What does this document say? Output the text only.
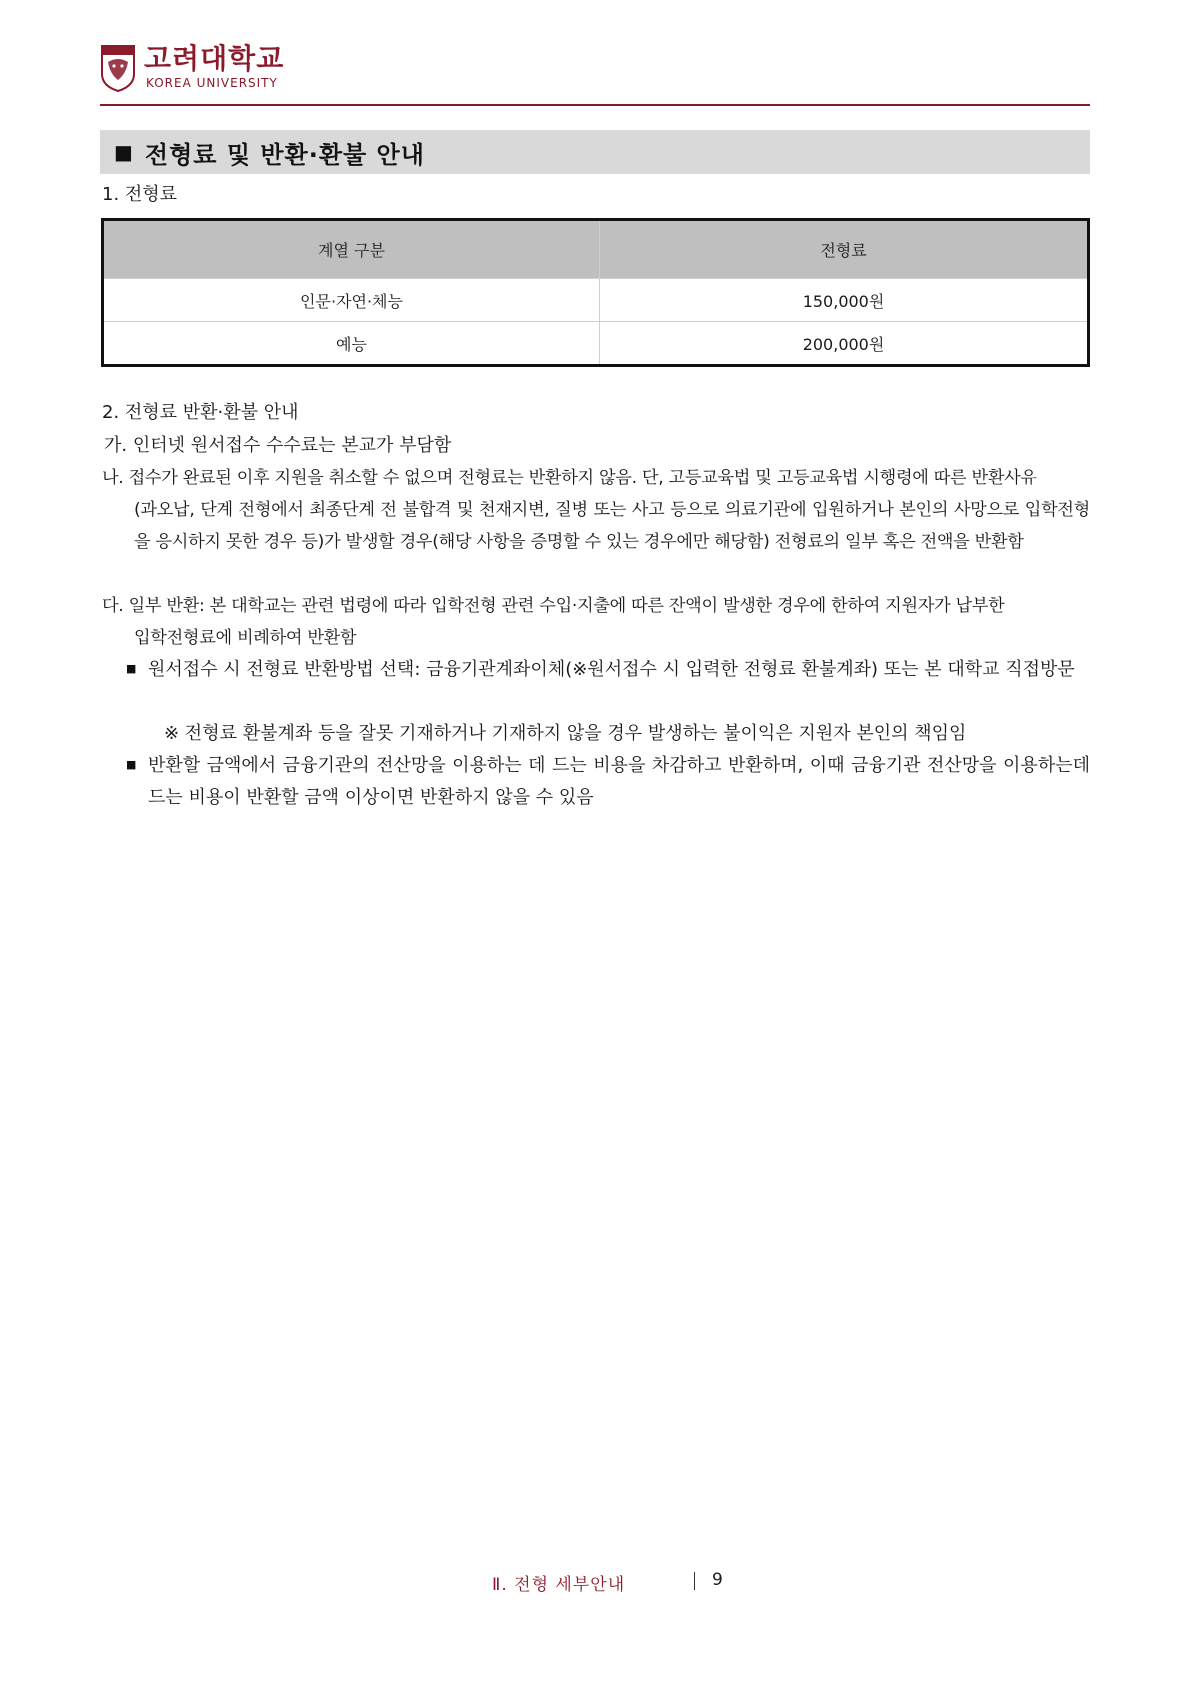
고려대학교
KOREA UNIVERSITY
■ 전형료 및 반환·환불 안내
1. 전형료
계열 구분	전형료
인문·자연·체능	150,000원
예능	200,000원
2. 전형료 반환·환불 안내
가. 인터넷 원서접수 수수료는 본교가 부담함
나. 접수가 완료된 이후 지원을 취소할 수 없으며 전형료는 반환하지 않음. 단, 고등교육법 및 고등교육법 시행령에 따른 반환사유
(과오납, 단계 전형에서 최종단계 전 불합격 및 천재지변, 질병 또는 사고 등으로 의료기관에 입원하거나 본인의 사망으로 입학전형을 응시하지 못한 경우 등)가 발생할 경우(해당 사항을 증명할 수 있는 경우에만 해당함) 전형료의 일부 혹은 전액을 반환함
다. 일부 반환: 본 대학교는 관련 법령에 따라 입학전형 관련 수입·지출에 따른 잔액이 발생한 경우에 한하여 지원자가 납부한
입학전형료에 비례하여 반환함
■ 원서접수 시 전형료 반환방법 선택: 금융기관계좌이체(※원서접수 시 입력한 전형료 환불계좌) 또는 본 대학교 직접방문
※ 전형료 환불계좌 등을 잘못 기재하거나 기재하지 않을 경우 발생하는 불이익은 지원자 본인의 책임임
■ 반환할 금액에서 금융기관의 전산망을 이용하는 데 드는 비용을 차감하고 반환하며, 이때 금융기관 전산망을 이용하는데 드는 비용이 반환할 금액 이상이면 반환하지 않을 수 있음
Ⅱ. 전형 세부안내	9
